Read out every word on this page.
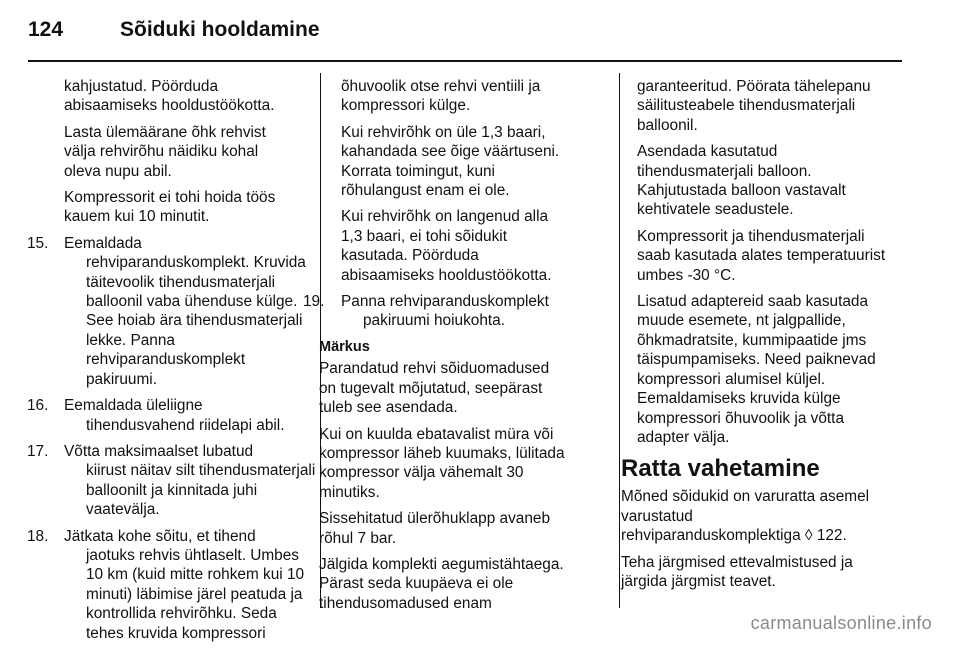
124	Sõiduki hooldamine

kahjustatud. Pöörduda
abisaamiseks hooldustöökotta.

Lasta ülemäärane õhk rehvist
välja rehvirõhu näidiku kohal
oleva nupu abil.

Kompressorit ei tohi hoida töös
kauem kui 10 minutit.

15. Eemaldada
rehviparanduskomplekt. Kruvida
täitevoolik tihendusmaterjali
balloonil vaba ühenduse külge.
See hoiab ära tihendusmaterjali
lekke. Panna
rehviparanduskomplekt
pakiruumi.
16. Eemaldada üleliigne
tihendusvahend riidelapi abil.
17. Võtta maksimaalset lubatud
kiirust näitav silt tihendusmaterjali
balloonilt ja kinnitada juhi
vaatevälja.
18. Jätkata kohe sõitu, et tihend
jaotuks rehvis ühtlaselt. Umbes
10 km (kuid mitte rohkem kui 10
minuti) läbimise järel peatuda ja
kontrollida rehvirõhku. Seda
tehes kruvida kompressori

õhuvoolik otse rehvi ventiili ja
kompressori külge.

Kui rehvirõhk on üle 1,3 baari,
kahandada see õige väärtuseni.
Korrata toimingut, kuni
rõhulangust enam ei ole.

Kui rehvirõhk on langenud alla
1,3 baari, ei tohi sõidukit
kasutada. Pöörduda
abisaamiseks hooldustöökotta.

19. Panna rehviparanduskomplekt
pakiruumi hoiukohta.
Märkus

Parandatud rehvi sõiduomadused
on tugevalt mõjutatud, seepärast
tuleb see asendada.

Kui on kuulda ebatavalist müra või
kompressor läheb kuumaks, lülitada
kompressor välja vähemalt 30
minutiks.

Sissehitatud ülerõhuklapp avaneb
rõhul 7 bar.

Jälgida komplekti aegumistähtaega.
Pärast seda kuupäeva ei ole
tihendusomadused enam

garanteeritud. Pöörata tähelepanu
säilitusteabele tihendusmaterjali
balloonil.

Asendada kasutatud
tihendusmaterjali balloon.
Kahjutustada balloon vastavalt
kehtivatele seadustele.

Kompressorit ja tihendusmaterjali
saab kasutada alates temperatuurist
umbes -30 °C.

Lisatud adaptereid saab kasutada
muude esemete, nt jalgpallide,
õhkmadratsite, kummipaatide jms
täispumpamiseks. Need paiknevad
kompressori alumisel küljel.
Eemaldamiseks kruvida külge
kompressori õhuvoolik ja võtta
adapter välja.

Ratta vahetamine

Mõned sõidukid on varuratta asemel
varustatud
rehviparanduskomplektiga ◊ 122.

Teha järgmised ettevalmistused ja
järgida järgmist teavet.

carmanualsonline.info
